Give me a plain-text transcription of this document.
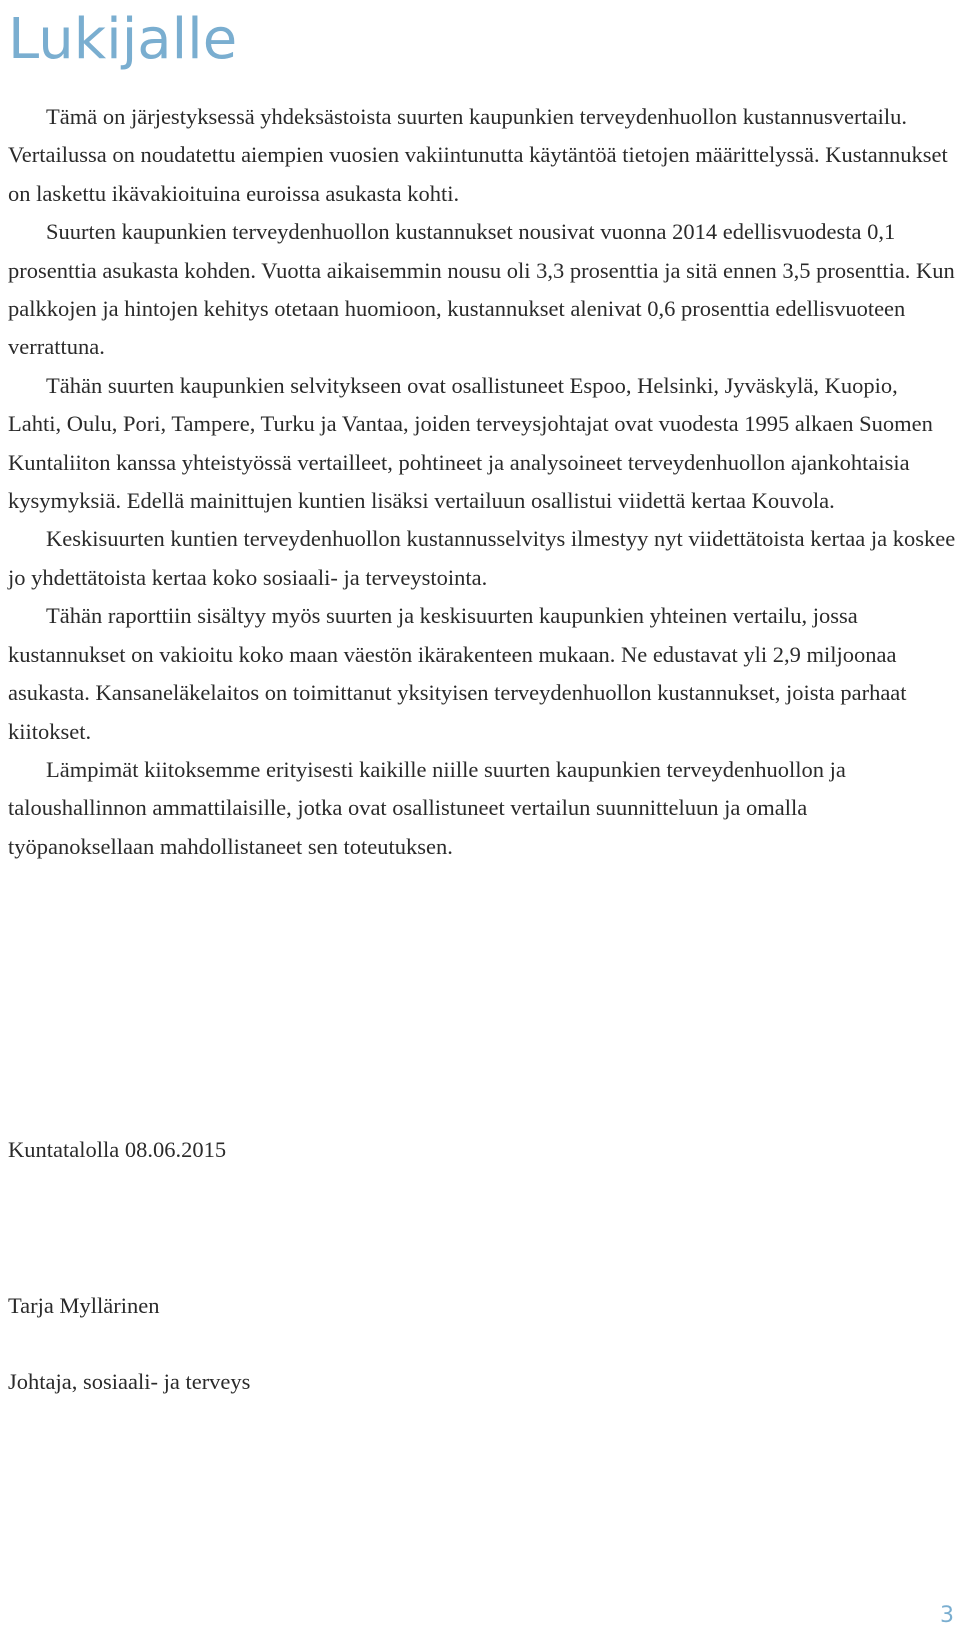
Lukijalle

Tämä on järjestyksessä yhdeksästoista suurten kaupunkien terveydenhuollon kustannusvertailu. Vertailussa on noudatettu aiempien vuosien vakiintunutta käytäntöä tietojen määrittelyssä. Kustannukset on laskettu ikävakioituina euroissa asukasta kohti.

Suurten kaupunkien terveydenhuollon kustannukset nousivat vuonna 2014 edellisvuodesta 0,1 prosenttia asukasta kohden. Vuotta aikaisemmin nousu oli 3,3 prosenttia ja sitä ennen 3,5 prosenttia. Kun palkkojen ja hintojen kehitys otetaan huomioon, kustannukset alenivat 0,6 prosenttia edellisvuoteen verrattuna.

Tähän suurten kaupunkien selvitykseen ovat osallistuneet Espoo, Helsinki, Jyväskylä, Kuopio, Lahti, Oulu, Pori, Tampere, Turku ja Vantaa, joiden terveysjohtajat ovat vuodesta 1995 alkaen Suomen Kuntaliiton kanssa yhteistyössä vertailleet, pohtineet ja analysoineet terveydenhuollon ajankohtaisia kysymyksiä. Edellä mainittujen kuntien lisäksi vertailuun osallistui viidettä kertaa Kouvola.

Keskisuurten kuntien terveydenhuollon kustannusselvitys ilmestyy nyt viidettätoista kertaa ja koskee jo yhdettätoista kertaa koko sosiaali- ja terveystointa.

Tähän raporttiin sisältyy myös suurten ja keskisuurten kaupunkien yhteinen vertailu, jossa kustannukset on vakioitu koko maan väestön ikärakenteen mukaan. Ne edustavat yli 2,9 miljoonaa asukasta. Kansaneläkelaitos on toimittanut yksityisen terveydenhuollon kustannukset, joista parhaat kiitokset.

Lämpimät kiitoksemme erityisesti kaikille niille suurten kaupunkien terveydenhuollon ja taloushallinnon ammattilaisille, jotka ovat osallistuneet vertailun suunnitteluun ja omalla työpanoksellaan mahdollistaneet sen toteutuksen.

Kuntatalolla 08.06.2015

Tarja Myllärinen

Johtaja, sosiaali- ja terveys

3
